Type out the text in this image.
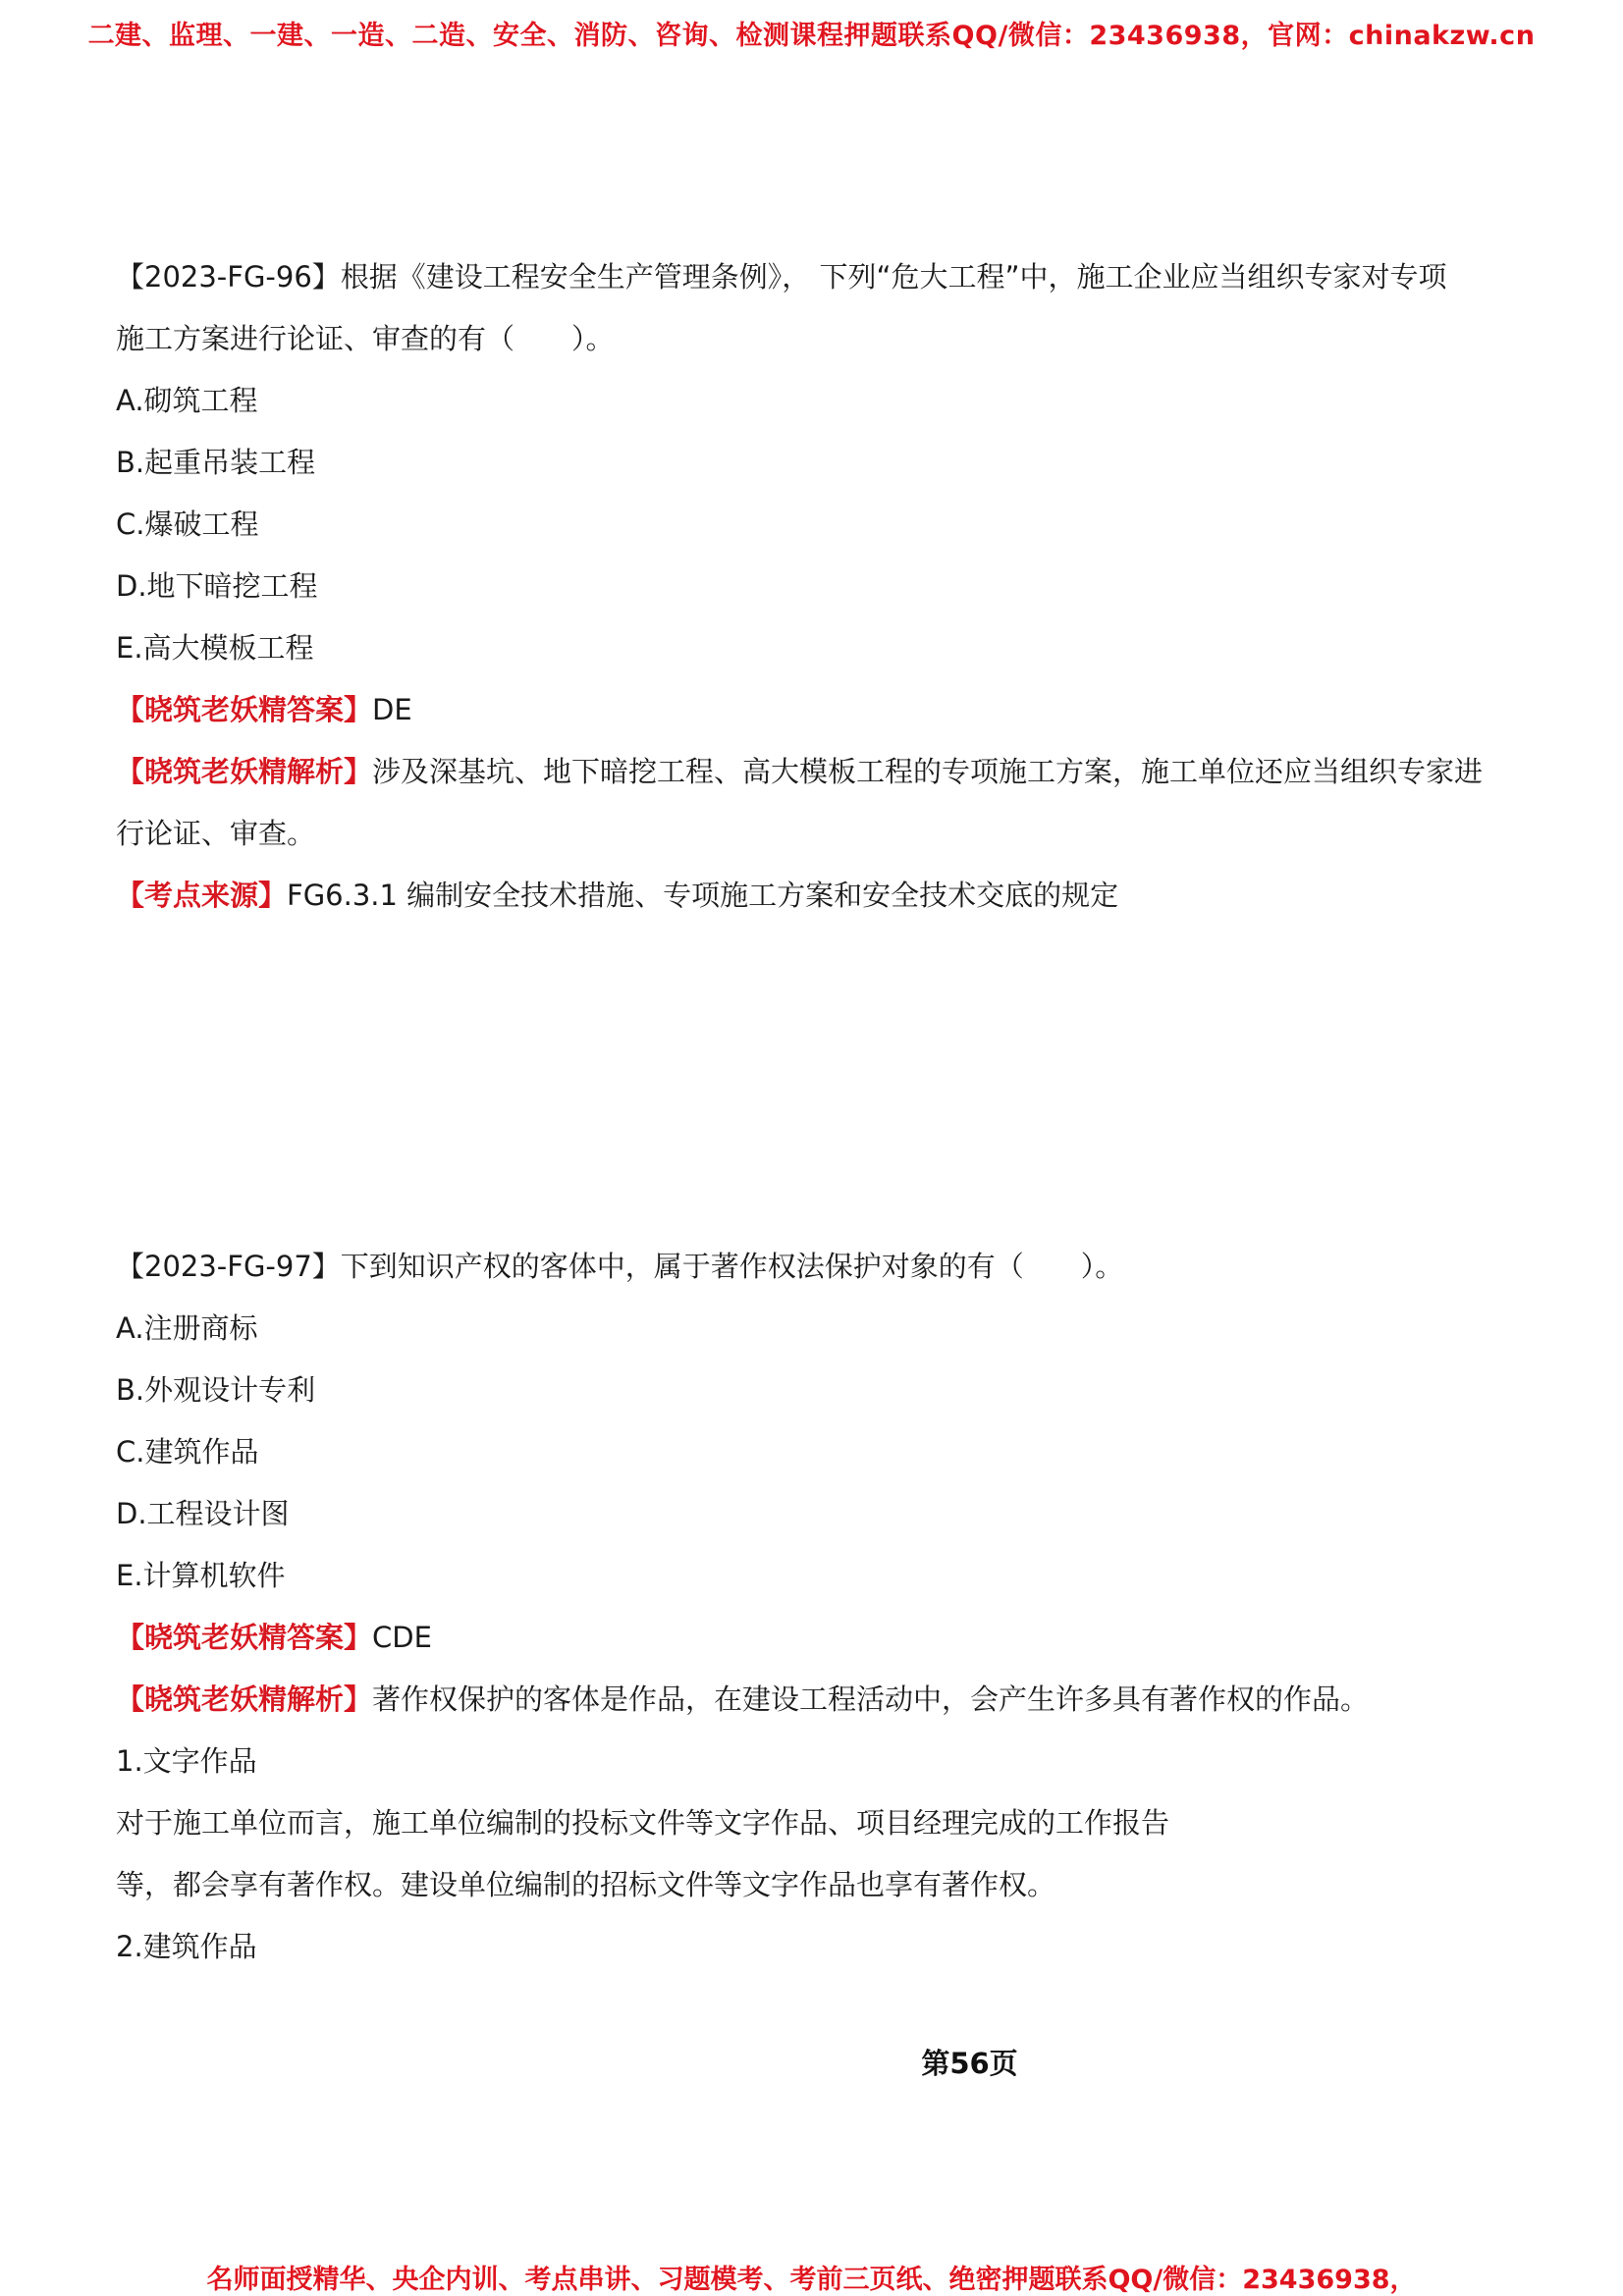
二建、监理、一建、一造、二造、安全、消防、咨询、检测课程押题联系QQ/微信：23436938，官网：chinakzw.cn
【2023-FG-96】根据《建设工程安全生产管理条例》， 下列“危大工程”中，施工企业应当组织专家对专项
施工方案进行论证、审查的有（　　）。
A.砌筑工程
B.起重吊装工程
C.爆破工程
D.地下暗挖工程
E.高大模板工程
【晓筑老妖精答案】DE
【晓筑老妖精解析】涉及深基坑、地下暗挖工程、高大模板工程的专项施工方案，施工单位还应当组织专家进
行论证、审查。
【考点来源】FG6.3.1 编制安全技术措施、专项施工方案和安全技术交底的规定
【2023-FG-97】下到知识产权的客体中，属于著作权法保护对象的有（　　）。
A.注册商标
B.外观设计专利
C.建筑作品
D.工程设计图
E.计算机软件
【晓筑老妖精答案】CDE
【晓筑老妖精解析】著作权保护的客体是作品，在建设工程活动中，会产生许多具有著作权的作品。
1.文字作品
对于施工单位而言，施工单位编制的投标文件等文字作品、项目经理完成的工作报告
等，都会享有著作权。建设单位编制的招标文件等文字作品也享有著作权。
2.建筑作品
第56页
名师面授精华、央企内训、考点串讲、习题模考、考前三页纸、绝密押题联系QQ/微信：23436938，
